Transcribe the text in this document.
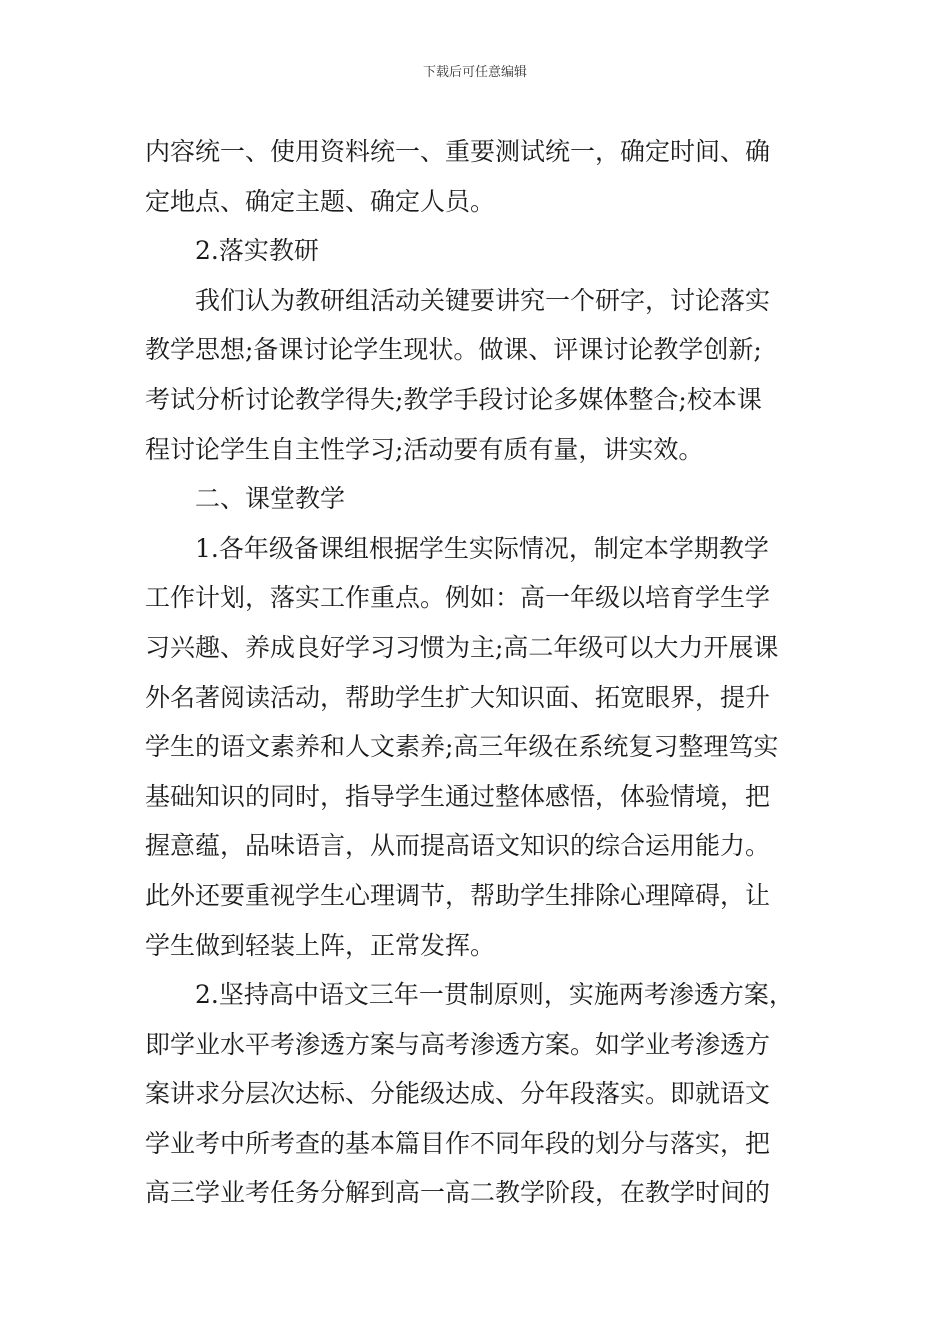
下载后可任意编辑
内容统一、使用资料统一、重要测试统一，确定时间、确
定地点、确定主题、确定人员。
2.落实教研
我们认为教研组活动关键要讲究一个研字，讨论落实
教学思想;备课讨论学生现状。做课、评课讨论教学创新;
考试分析讨论教学得失;教学手段讨论多媒体整合;校本课
程讨论学生自主性学习;活动要有质有量，讲实效。
二、课堂教学
1.各年级备课组根据学生实际情况，制定本学期教学
工作计划，落实工作重点。例如：高一年级以培育学生学
习兴趣、养成良好学习习惯为主;高二年级可以大力开展课
外名著阅读活动，帮助学生扩大知识面、拓宽眼界，提升
学生的语文素养和人文素养;高三年级在系统复习整理笃实
基础知识的同时，指导学生通过整体感悟，体验情境，把
握意蕴，品味语言，从而提高语文知识的综合运用能力。
此外还要重视学生心理调节，帮助学生排除心理障碍，让
学生做到轻装上阵，正常发挥。
2.坚持高中语文三年一贯制原则，实施两考渗透方案，
即学业水平考渗透方案与高考渗透方案。如学业考渗透方
案讲求分层次达标、分能级达成、分年段落实。即就语文
学业考中所考查的基本篇目作不同年段的划分与落实，把
高三学业考任务分解到高一高二教学阶段，在教学时间的
